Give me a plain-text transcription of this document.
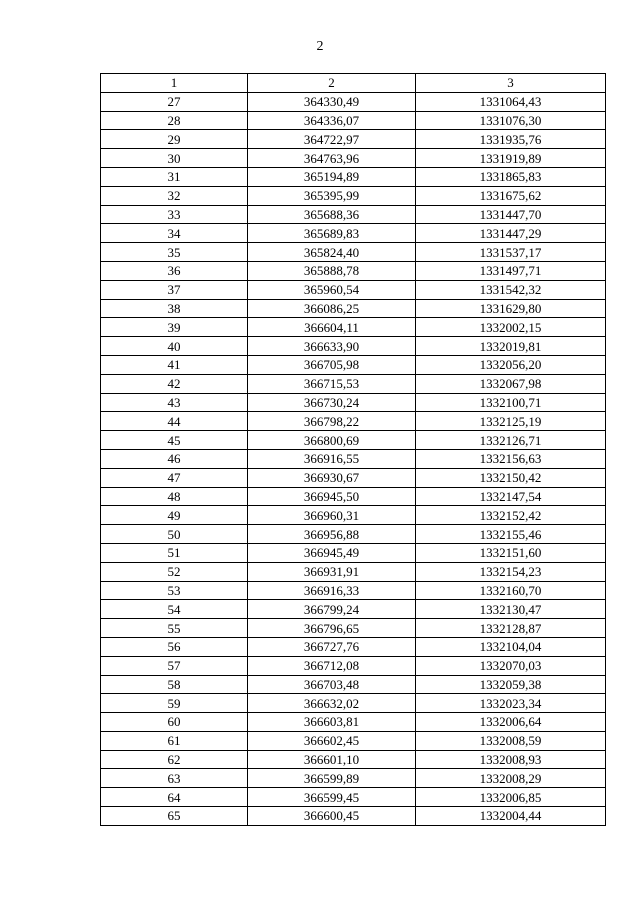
2
1	2	3
27	364330,49	1331064,43
28	364336,07	1331076,30
29	364722,97	1331935,76
30	364763,96	1331919,89
31	365194,89	1331865,83
32	365395,99	1331675,62
33	365688,36	1331447,70
34	365689,83	1331447,29
35	365824,40	1331537,17
36	365888,78	1331497,71
37	365960,54	1331542,32
38	366086,25	1331629,80
39	366604,11	1332002,15
40	366633,90	1332019,81
41	366705,98	1332056,20
42	366715,53	1332067,98
43	366730,24	1332100,71
44	366798,22	1332125,19
45	366800,69	1332126,71
46	366916,55	1332156,63
47	366930,67	1332150,42
48	366945,50	1332147,54
49	366960,31	1332152,42
50	366956,88	1332155,46
51	366945,49	1332151,60
52	366931,91	1332154,23
53	366916,33	1332160,70
54	366799,24	1332130,47
55	366796,65	1332128,87
56	366727,76	1332104,04
57	366712,08	1332070,03
58	366703,48	1332059,38
59	366632,02	1332023,34
60	366603,81	1332006,64
61	366602,45	1332008,59
62	366601,10	1332008,93
63	366599,89	1332008,29
64	366599,45	1332006,85
65	366600,45	1332004,44
